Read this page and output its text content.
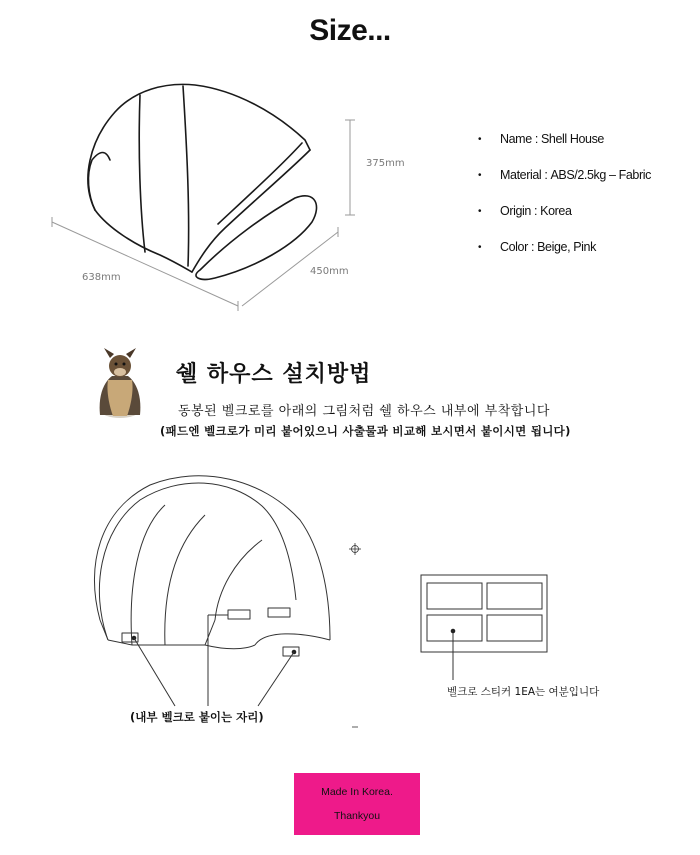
Size...
638mm
450mm
375mm
•	Name : Shell House
•	Material : ABS/2.5kg – Fabric
•	Origin : Korea
•	Color : Beige, Pink
쉘 하우스 설치방법
동봉된 벨크로를 아래의 그림처럼 쉘 하우스 내부에 부착합니다
(패드엔 벨크로가 미리 붙어있으니 사출물과 비교해 보시면서 붙이시면 됩니다)
(내부 벨크로 붙이는 자리)
벨크로 스티커 1EA는 여분입니다
Made In Korea.
Thankyou
